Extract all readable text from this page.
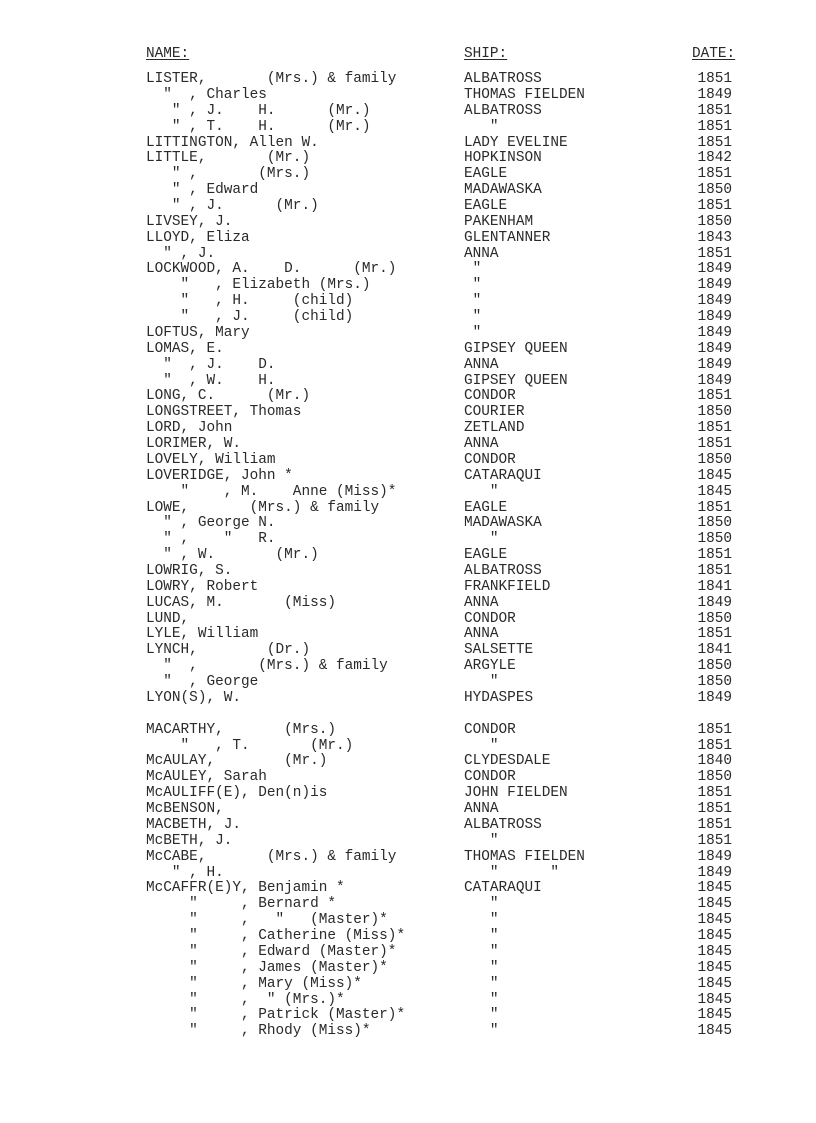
NAME:	SHIP:	DATE:
LISTER,       (Mrs.) & family	ALBATROSS	1851
"  , Charles	THOMAS FIELDEN	1849
" , J.    H.      (Mr.)	ALBATROSS	1851
" , T.    H.      (Mr.)	"	1851
LITTINGTON, Allen W.	LADY EVELINE	1851
LITTLE,       (Mr.)	HOPKINSON	1842
" ,       (Mrs.)	EAGLE	1851
" , Edward	MADAWASKA	1850
" , J.      (Mr.)	EAGLE	1851
LIVSEY, J.	PAKENHAM	1850
LLOYD, Eliza	GLENTANNER	1843
" , J.	ANNA	1851
LOCKWOOD, A.    D.      (Mr.)	"	1849
"   , Elizabeth (Mrs.)	"	1849
"   , H.     (child)	"	1849
"   , J.     (child)	"	1849
LOFTUS, Mary	"	1849
LOMAS, E.	GIPSEY QUEEN	1849
"  , J.    D.	ANNA	1849
"  , W.    H.	GIPSEY QUEEN	1849
LONG, C.      (Mr.)	CONDOR	1851
LONGSTREET, Thomas	COURIER	1850
LORD, John	ZETLAND	1851
LORIMER, W.	ANNA	1851
LOVELY, William	CONDOR	1850
LOVERIDGE, John *	CATARAQUI	1845
"    , M.    Anne (Miss)*	"	1845
LOWE,       (Mrs.) & family	EAGLE	1851
" , George N.	MADAWASKA	1850
" ,    "   R.	"	1850
" , W.       (Mr.)	EAGLE	1851
LOWRIG, S.	ALBATROSS	1851
LOWRY, Robert	FRANKFIELD	1841
LUCAS, M.       (Miss)	ANNA	1849
LUND,	CONDOR	1850
LYLE, William	ANNA	1851
LYNCH,        (Dr.)	SALSETTE	1841
"  ,       (Mrs.) & family	ARGYLE	1850
"  , George	"	1850
LYON(S), W.	HYDASPES	1849
MACARTHY,       (Mrs.)	CONDOR	1851
"   , T.       (Mr.)	"	1851
McAULAY,        (Mr.)	CLYDESDALE	1840
McAULEY, Sarah	CONDOR	1850
McAULIFF(E), Den(n)is	JOHN FIELDEN	1851
McBENSON,	ANNA	1851
MACBETH, J.	ALBATROSS	1851
McBETH, J.	"	1851
McCABE,       (Mrs.) & family	THOMAS FIELDEN	1849
" , H.	"      "	1849
McCAFFR(E)Y, Benjamin *	CATARAQUI	1845
"     , Bernard *	"	1845
"     ,   "   (Master)*	"	1845
"     , Catherine (Miss)*	"	1845
"     , Edward (Master)*	"	1845
"     , James (Master)*	"	1845
"     , Mary (Miss)*	"	1845
"     ,  " (Mrs.)*	"	1845
"     , Patrick (Master)*	"	1845
"     , Rhody (Miss)*	"	1845
